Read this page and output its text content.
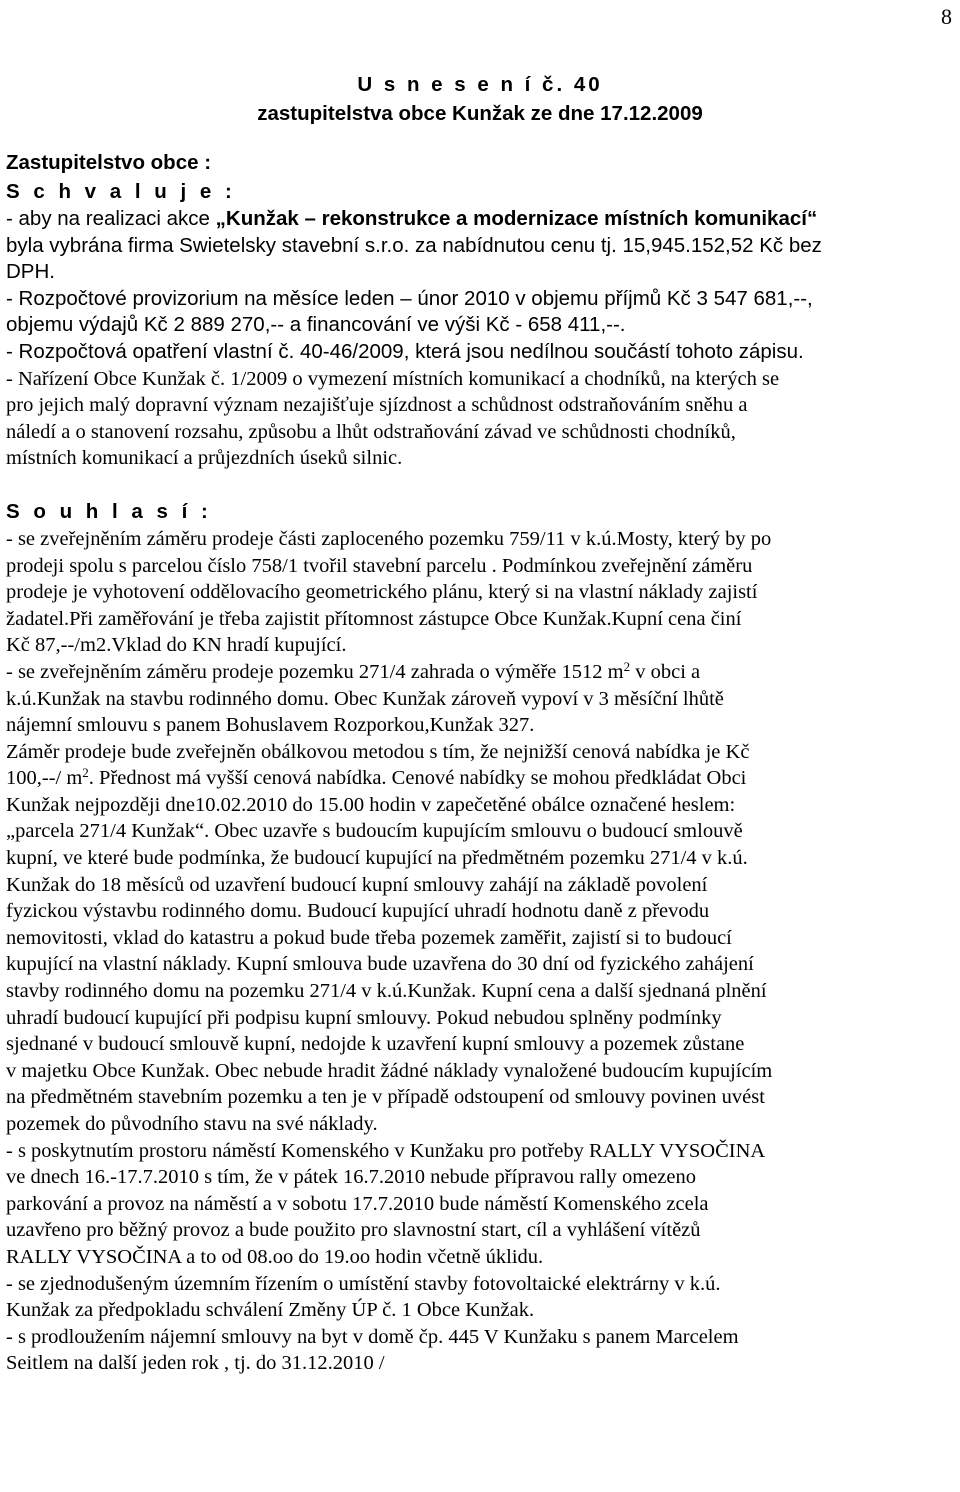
8
U s n e s e n í č. 40
zastupitelstva obce Kunžak ze dne 17.12.2009
Zastupitelstvo obce :
S c h v a l u j e :
- aby na realizaci akce „Kunžak – rekonstrukce a modernizace místních komunikací“
byla vybrána firma Swietelsky stavební s.r.o. za nabídnutou cenu tj. 15,945.152,52 Kč bez
DPH.
- Rozpočtové provizorium na měsíce leden – únor 2010 v objemu příjmů Kč 3 547 681,--,
objemu výdajů Kč 2 889 270,-- a financování ve výši Kč - 658 411,--.
- Rozpočtová opatření vlastní č. 40-46/2009, která jsou nedílnou součástí tohoto zápisu.
- Nařízení Obce Kunžak č. 1/2009 o vymezení místních komunikací a chodníků, na kterých se
pro jejich malý dopravní význam nezajišťuje sjízdnost a schůdnost odstraňováním sněhu a
náledí a o stanovení rozsahu, způsobu a lhůt odstraňování závad ve schůdnosti chodníků,
místních komunikací a průjezdních úseků silnic.
S o u h l a s í :
- se zveřejněním záměru prodeje části zaploceného pozemku 759/11 v k.ú.Mosty, který by po
prodeji spolu s parcelou číslo 758/1 tvořil stavební parcelu . Podmínkou zveřejnění záměru
prodeje je vyhotovení oddělovacího geometrického plánu, který si na vlastní náklady zajistí
žadatel.Při zaměřování je třeba zajistit přítomnost zástupce Obce Kunžak.Kupní cena činí
Kč 87,--/m2.Vklad do KN hradí kupující.
- se zveřejněním záměru prodeje pozemku 271/4 zahrada o výměře 1512 $m^2$ v obci a
k.ú.Kunžak na stavbu rodinného domu. Obec Kunžak zároveň vypoví v 3 měsíční lhůtě
nájemní smlouvu s panem Bohuslavem Rozporkou,Kunžak 327.
Záměr prodeje bude zveřejněn obálkovou metodou s tím, že nejnižší cenová nabídka je Kč
100,--/ $m^2$. Přednost má vyšší cenová nabídka. Cenové nabídky se mohou předkládat Obci
Kunžak nejpozději dne10.02.2010 do 15.00 hodin v zapečetěné obálce označené heslem:
„parcela 271/4 Kunžak“. Obec uzavře s budoucím kupujícím smlouvu o budoucí smlouvě
kupní, ve které bude podmínka, že budoucí kupující na předmětném pozemku 271/4 v k.ú.
Kunžak do 18 měsíců od uzavření budoucí kupní smlouvy zahájí na základě povolení
fyzickou výstavbu rodinného domu. Budoucí kupující uhradí hodnotu daně z převodu
nemovitosti, vklad do katastru a pokud bude třeba pozemek zaměřit, zajistí si to budoucí
kupující na vlastní náklady. Kupní smlouva bude uzavřena do 30 dní od fyzického zahájení
stavby rodinného domu na pozemku 271/4 v k.ú.Kunžak. Kupní cena a další sjednaná plnění
uhradí budoucí kupující při podpisu kupní smlouvy. Pokud nebudou splněny podmínky
sjednané v budoucí smlouvě kupní, nedojde k uzavření kupní smlouvy a pozemek zůstane
v majetku Obce Kunžak. Obec nebude hradit žádné náklady vynaložené budoucím kupujícím
na předmětném stavebním pozemku a ten je v případě odstoupení od smlouvy povinen uvést
pozemek do původního stavu na své náklady.
- s poskytnutím prostoru náměstí Komenského v Kunžaku pro potřeby RALLY VYSOČINA
ve dnech 16.-17.7.2010 s tím, že v pátek 16.7.2010 nebude přípravou rally omezeno
parkování a provoz na náměstí a v sobotu 17.7.2010 bude náměstí Komenského zcela
uzavřeno pro běžný provoz a bude použito pro slavnostní start, cíl a vyhlášení vítězů
RALLY VYSOČINA a to od 08.oo do 19.oo hodin včetně úklidu.
- se zjednodušeným územním řízením o umístění stavby fotovoltaické elektrárny v k.ú.
Kunžak za předpokladu schválení Změny ÚP č. 1 Obce Kunžak.
- s prodloužením nájemní smlouvy na byt v domě čp. 445 V Kunžaku s panem Marcelem
Seitlem na další jeden rok , tj. do 31.12.2010 /
